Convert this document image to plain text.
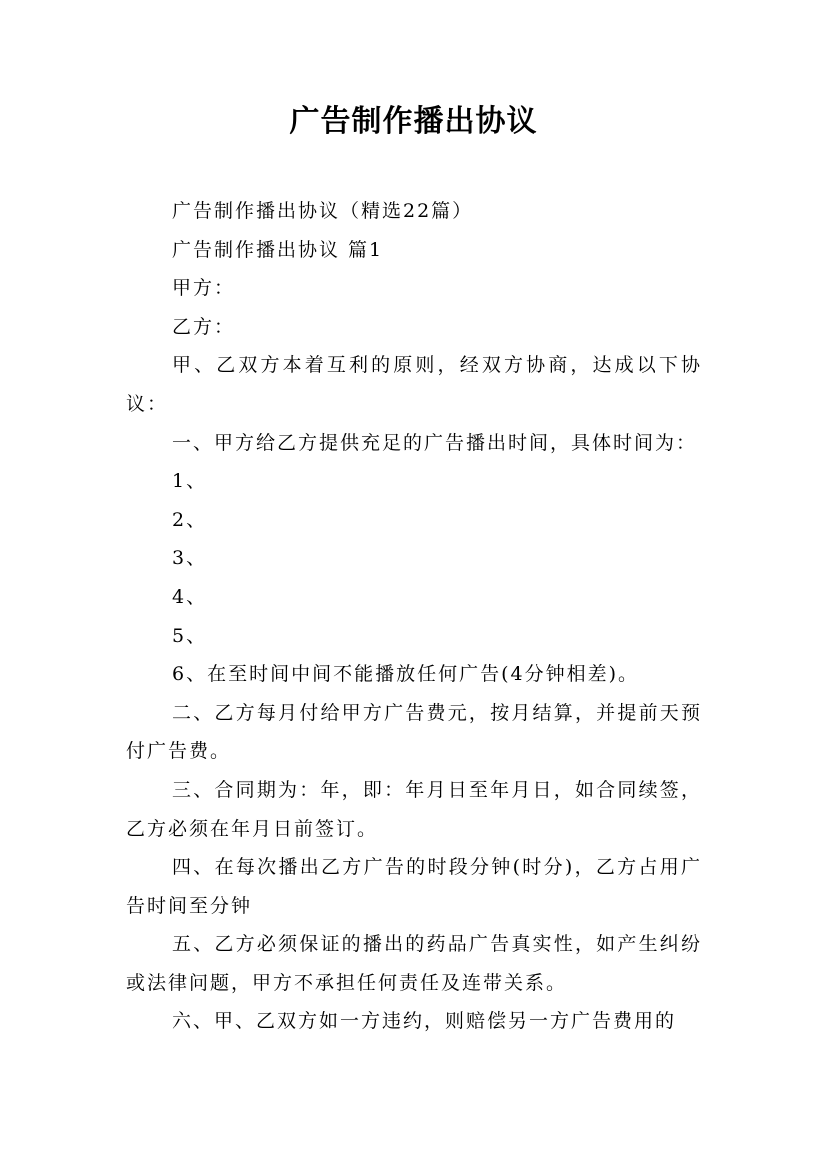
广告制作播出协议

广告制作播出协议（精选22篇）

广告制作播出协议 篇1

甲方：

乙方：

甲、乙双方本着互利的原则，经双方协商，达成以下协议：

一、甲方给乙方提供充足的广告播出时间，具体时间为：

1、

2、

3、

4、

5、

6、在至时间中间不能播放任何广告(4分钟相差)。

二、乙方每月付给甲方广告费元，按月结算，并提前天预付广告费。

三、合同期为：年，即：年月日至年月日，如合同续签，乙方必须在年月日前签订。

四、在每次播出乙方广告的时段分钟(时分)，乙方占用广告时间至分钟

五、乙方必须保证的播出的药品广告真实性，如产生纠纷或法律问题，甲方不承担任何责任及连带关系。

六、甲、乙双方如一方违约，则赔偿另一方广告费用的
